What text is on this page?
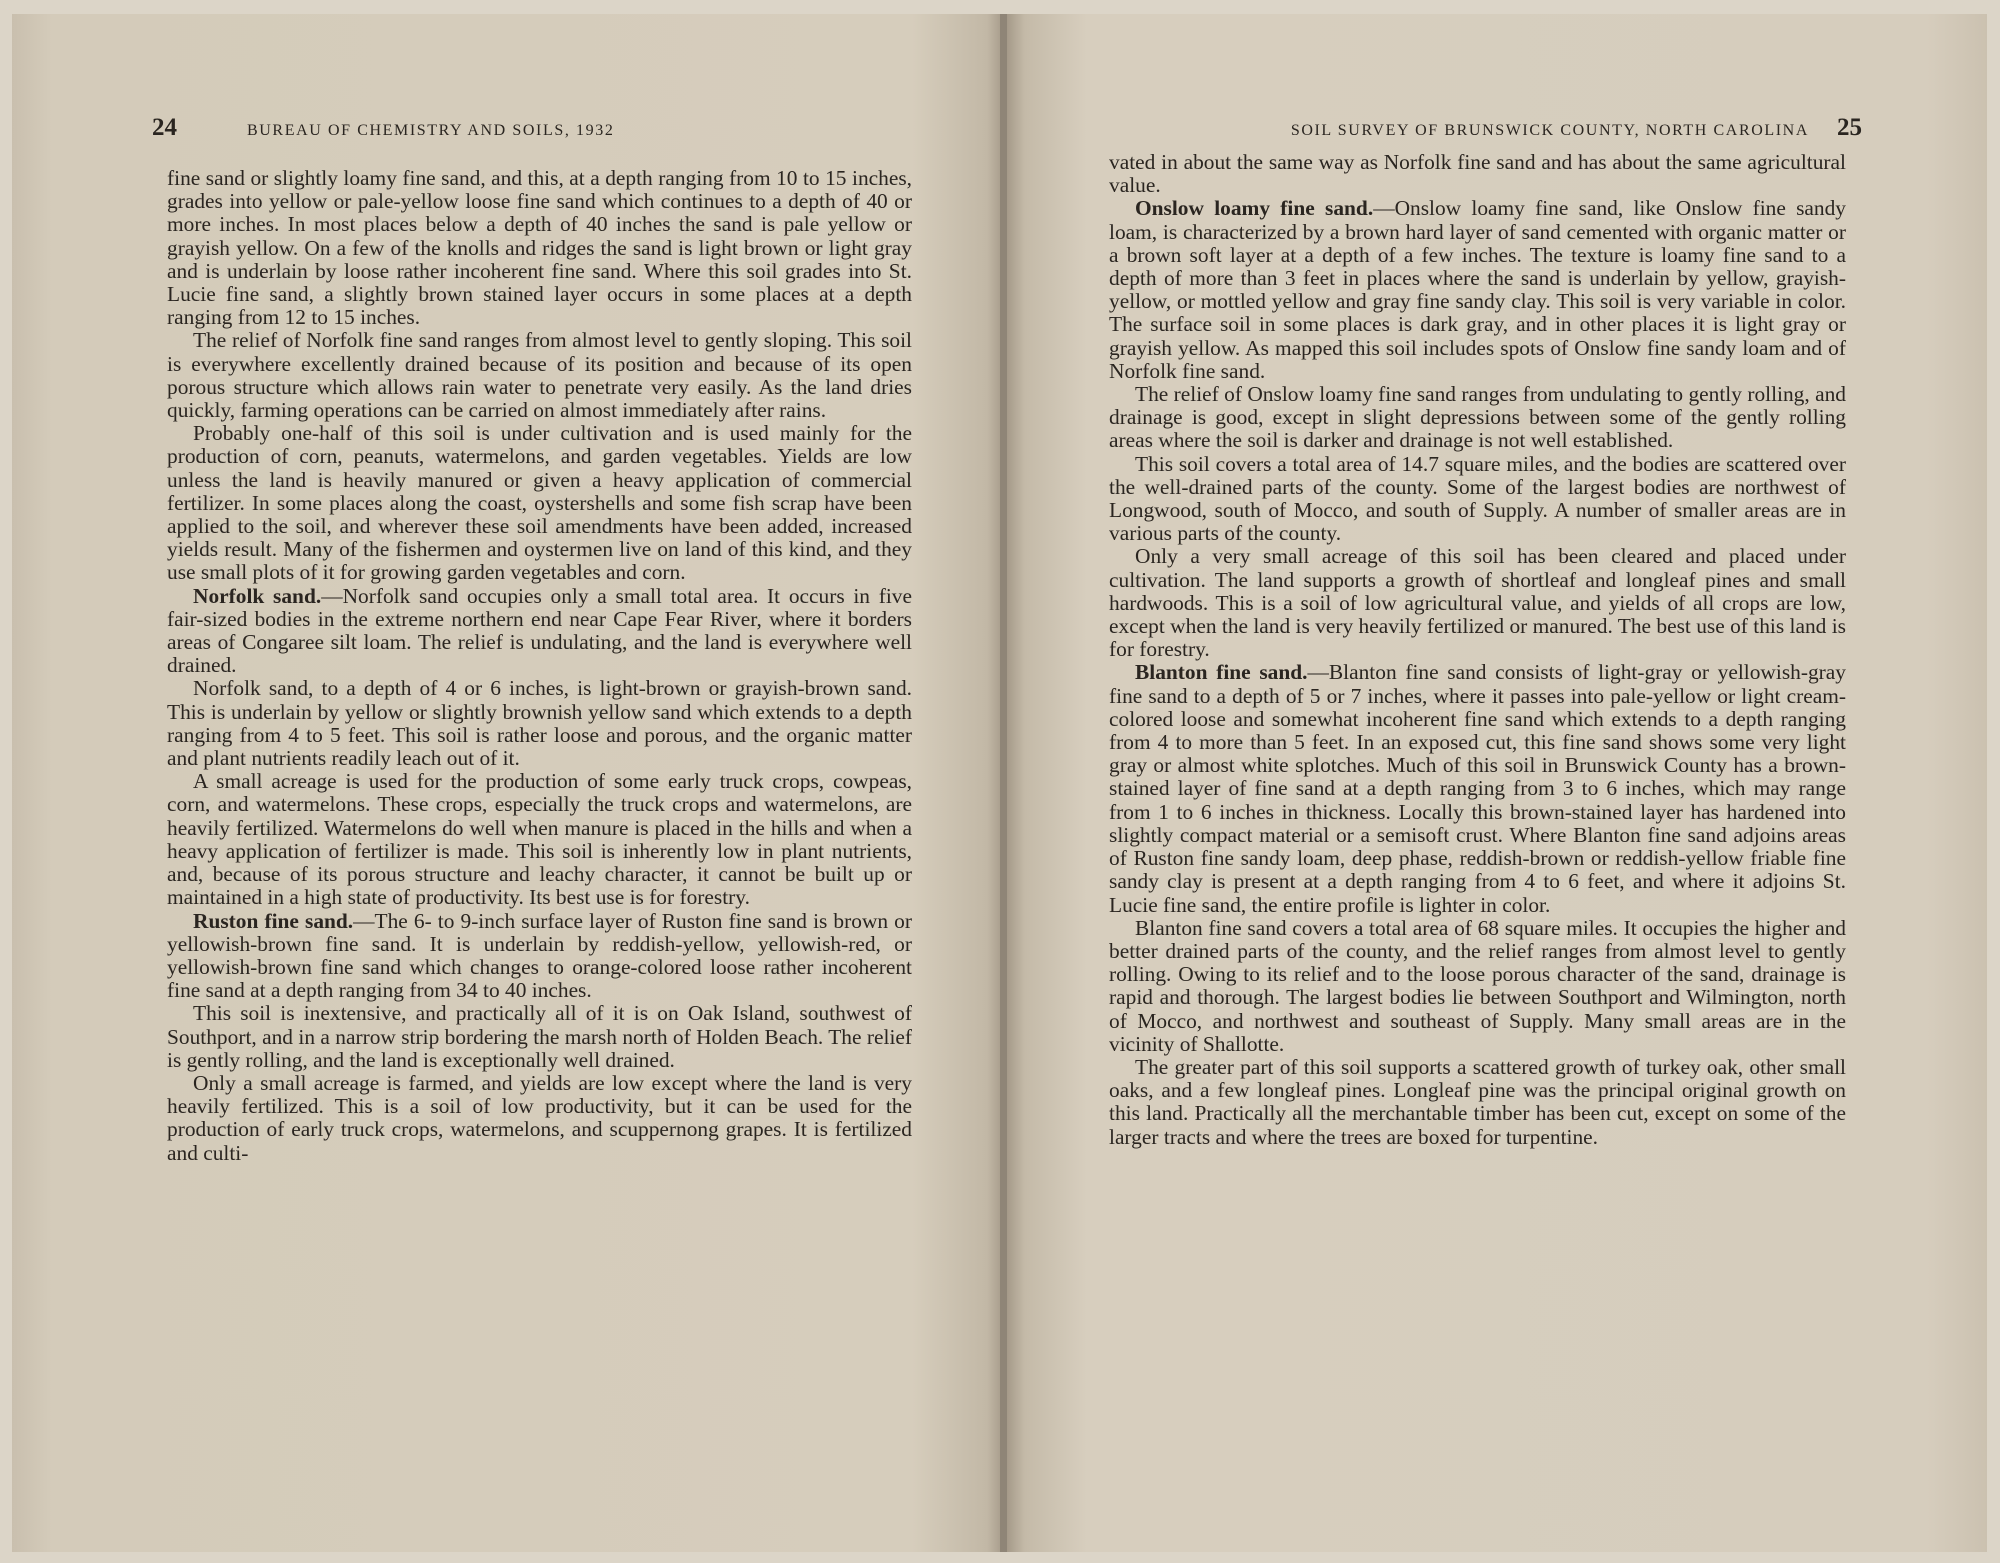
24	BUREAU OF CHEMISTRY AND SOILS, 1932

fine sand or slightly loamy fine sand, and this, at a depth ranging from 10 to 15 inches, grades into yellow or pale-yellow loose fine sand which continues to a depth of 40 or more inches. In most places below a depth of 40 inches the sand is pale yellow or grayish yellow. On a few of the knolls and ridges the sand is light brown or light gray and is underlain by loose rather incoherent fine sand. Where this soil grades into St. Lucie fine sand, a slightly brown stained layer occurs in some places at a depth ranging from 12 to 15 inches.

The relief of Norfolk fine sand ranges from almost level to gently sloping. This soil is everywhere excellently drained because of its position and because of its open porous structure which allows rain water to penetrate very easily. As the land dries quickly, farming operations can be carried on almost immediately after rains.

Probably one-half of this soil is under cultivation and is used mainly for the production of corn, peanuts, watermelons, and garden vegetables. Yields are low unless the land is heavily manured or given a heavy application of commercial fertilizer. In some places along the coast, oystershells and some fish scrap have been applied to the soil, and wherever these soil amendments have been added, increased yields result. Many of the fishermen and oystermen live on land of this kind, and they use small plots of it for growing garden vegetables and corn.

Norfolk sand.—Norfolk sand occupies only a small total area. It occurs in five fair-sized bodies in the extreme northern end near Cape Fear River, where it borders areas of Congaree silt loam. The relief is undulating, and the land is everywhere well drained.

Norfolk sand, to a depth of 4 or 6 inches, is light-brown or grayish-brown sand. This is underlain by yellow or slightly brownish yellow sand which extends to a depth ranging from 4 to 5 feet. This soil is rather loose and porous, and the organic matter and plant nutrients readily leach out of it.

A small acreage is used for the production of some early truck crops, cowpeas, corn, and watermelons. These crops, especially the truck crops and watermelons, are heavily fertilized. Watermelons do well when manure is placed in the hills and when a heavy application of fertilizer is made. This soil is inherently low in plant nutrients, and, because of its porous structure and leachy character, it cannot be built up or maintained in a high state of productivity. Its best use is for forestry.

Ruston fine sand.—The 6- to 9-inch surface layer of Ruston fine sand is brown or yellowish-brown fine sand. It is underlain by reddish-yellow, yellowish-red, or yellowish-brown fine sand which changes to orange-colored loose rather incoherent fine sand at a depth ranging from 34 to 40 inches.

This soil is inextensive, and practically all of it is on Oak Island, southwest of Southport, and in a narrow strip bordering the marsh north of Holden Beach. The relief is gently rolling, and the land is exceptionally well drained.

Only a small acreage is farmed, and yields are low except where the land is very heavily fertilized. This is a soil of low productivity, but it can be used for the production of early truck crops, watermelons, and scuppernong grapes. It is fertilized and culti-

SOIL SURVEY OF BRUNSWICK COUNTY, NORTH CAROLINA 25

vated in about the same way as Norfolk fine sand and has about the same agricultural value.

Onslow loamy fine sand.—Onslow loamy fine sand, like Onslow fine sandy loam, is characterized by a brown hard layer of sand cemented with organic matter or a brown soft layer at a depth of a few inches. The texture is loamy fine sand to a depth of more than 3 feet in places where the sand is underlain by yellow, grayish-yellow, or mottled yellow and gray fine sandy clay. This soil is very variable in color. The surface soil in some places is dark gray, and in other places it is light gray or grayish yellow. As mapped this soil includes spots of Onslow fine sandy loam and of Norfolk fine sand.

The relief of Onslow loamy fine sand ranges from undulating to gently rolling, and drainage is good, except in slight depressions between some of the gently rolling areas where the soil is darker and drainage is not well established.

This soil covers a total area of 14.7 square miles, and the bodies are scattered over the well-drained parts of the county. Some of the largest bodies are northwest of Longwood, south of Mocco, and south of Supply. A number of smaller areas are in various parts of the county.

Only a very small acreage of this soil has been cleared and placed under cultivation. The land supports a growth of shortleaf and longleaf pines and small hardwoods. This is a soil of low agricultural value, and yields of all crops are low, except when the land is very heavily fertilized or manured. The best use of this land is for forestry.

Blanton fine sand.—Blanton fine sand consists of light-gray or yellowish-gray fine sand to a depth of 5 or 7 inches, where it passes into pale-yellow or light cream-colored loose and somewhat incoherent fine sand which extends to a depth ranging from 4 to more than 5 feet. In an exposed cut, this fine sand shows some very light gray or almost white splotches. Much of this soil in Brunswick County has a brown-stained layer of fine sand at a depth ranging from 3 to 6 inches, which may range from 1 to 6 inches in thickness. Locally this brown-stained layer has hardened into slightly compact material or a semisoft crust. Where Blanton fine sand adjoins areas of Ruston fine sandy loam, deep phase, reddish-brown or reddish-yellow friable fine sandy clay is present at a depth ranging from 4 to 6 feet, and where it adjoins St. Lucie fine sand, the entire profile is lighter in color.

Blanton fine sand covers a total area of 68 square miles. It occupies the higher and better drained parts of the county, and the relief ranges from almost level to gently rolling. Owing to its relief and to the loose porous character of the sand, drainage is rapid and thorough. The largest bodies lie between Southport and Wilmington, north of Mocco, and northwest and southeast of Supply. Many small areas are in the vicinity of Shallotte.

The greater part of this soil supports a scattered growth of turkey oak, other small oaks, and a few longleaf pines. Longleaf pine was the principal original growth on this land. Practically all the merchantable timber has been cut, except on some of the larger tracts and where the trees are boxed for turpentine.
